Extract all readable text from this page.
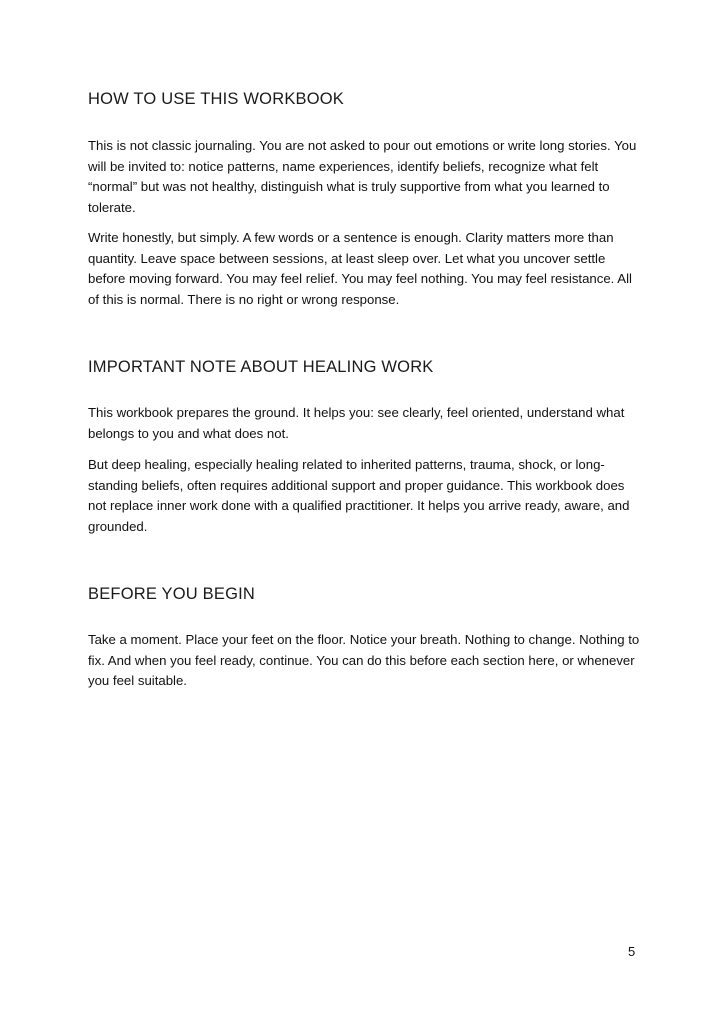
HOW TO USE THIS WORKBOOK

This is not classic journaling. You are not asked to pour out emotions or write long stories. You will be invited to: notice patterns, name experiences, identify beliefs, recognize what felt “normal” but was not healthy, distinguish what is truly supportive from what you learned to tolerate.

Write honestly, but simply. A few words or a sentence is enough. Clarity matters more than quantity. Leave space between sessions, at least sleep over. Let what you uncover settle before moving forward. You may feel relief. You may feel nothing. You may feel resistance. All of this is normal. There is no right or wrong response.

IMPORTANT NOTE ABOUT HEALING WORK

This workbook prepares the ground. It helps you: see clearly, feel oriented, understand what belongs to you and what does not.

But deep healing, especially healing related to inherited patterns, trauma, shock, or long-standing beliefs, often requires additional support and proper guidance. This workbook does not replace inner work done with a qualified practitioner. It helps you arrive ready, aware, and grounded.

BEFORE YOU BEGIN

Take a moment. Place your feet on the floor. Notice your breath. Nothing to change. Nothing to fix. And when you feel ready, continue. You can do this before each section here, or whenever you feel suitable.

5
